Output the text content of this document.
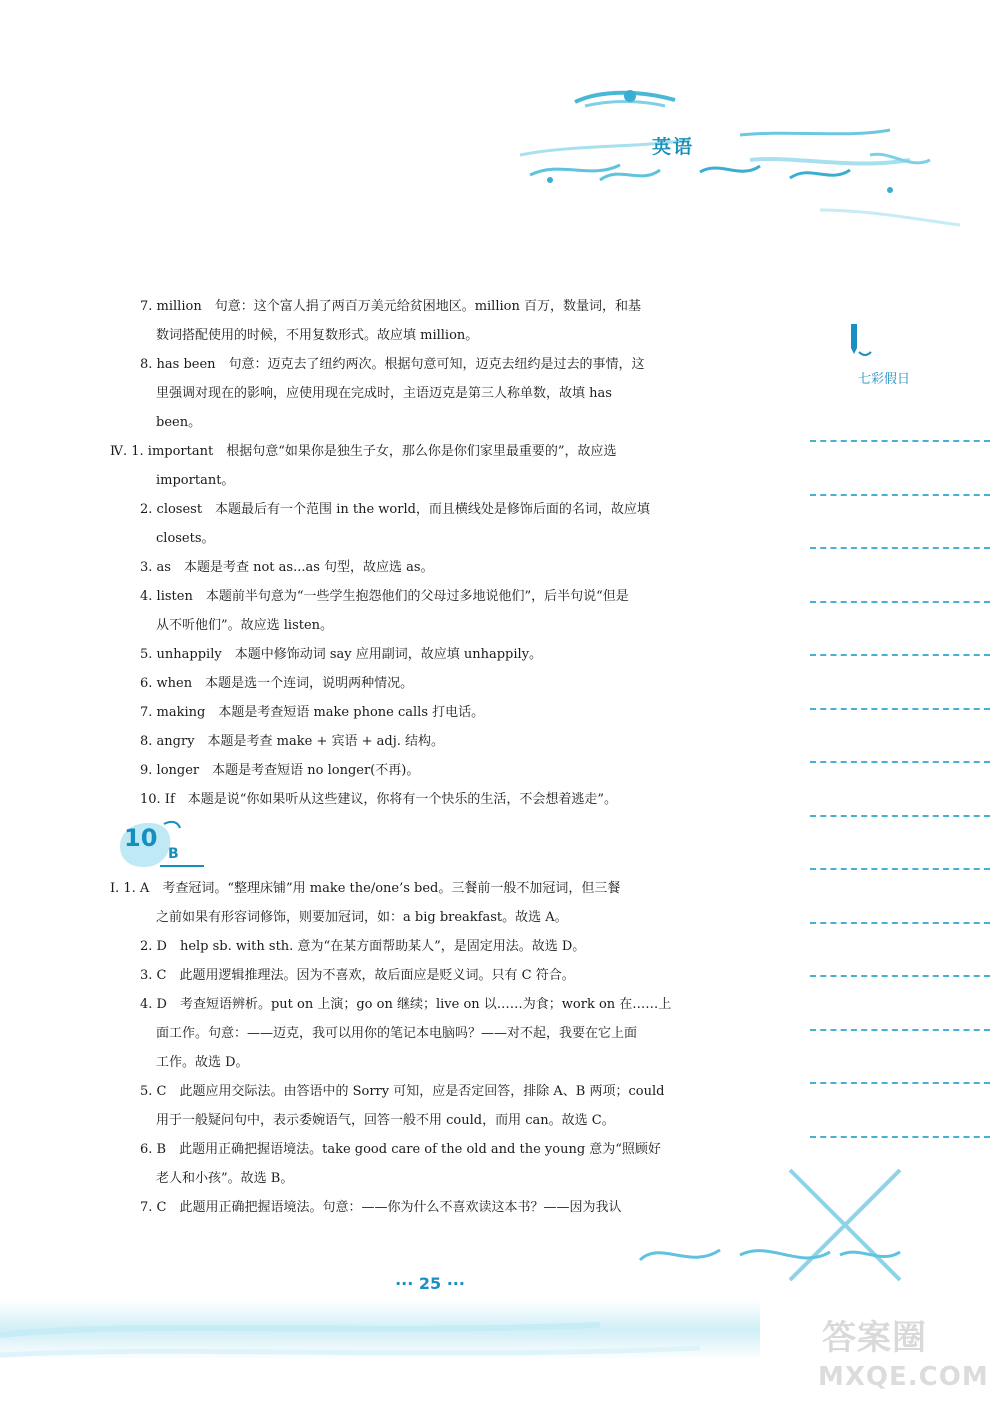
英语
七彩假日
7. million　句意：这个富人捐了两百万美元给贫困地区。million 百万，数量词，和基
数词搭配使用的时候，不用复数形式。故应填 million。
8. has been　句意：迈克去了纽约两次。根据句意可知，迈克去纽约是过去的事情，这
里强调对现在的影响，应使用现在完成时，主语迈克是第三人称单数，故填 has
been。
Ⅳ. 1. important　根据句意“如果你是独生子女，那么你是你们家里最重要的”，故应选
important。
2. closest　本题最后有一个范围 in the world，而且横线处是修饰后面的名词，故应填
closets。
3. as　本题是考查 not as...as 句型，故应选 as。
4. listen　本题前半句意为“一些学生抱怨他们的父母过多地说他们”，后半句说“但是
从不听他们”。故应选 listen。
5. unhappily　本题中修饰动词 say 应用副词，故应填 unhappily。
6. when　本题是选一个连词，说明两种情况。
7. making　本题是考查短语 make phone calls 打电话。
8. angry　本题是考查 make + 宾语 + adj. 结构。
9. longer　本题是考查短语 no longer(不再)。
10. If　本题是说“你如果听从这些建议，你将有一个快乐的生活，不会想着逃走”。
10
B
Ⅰ. 1. A　考查冠词。“整理床铺”用 make the/one’s bed。三餐前一般不加冠词，但三餐
之前如果有形容词修饰，则要加冠词，如：a big breakfast。故选 A。
2. D　help sb. with sth. 意为“在某方面帮助某人”，是固定用法。故选 D。
3. C　此题用逻辑推理法。因为不喜欢，故后面应是贬义词。只有 C 符合。
4. D　考查短语辨析。put on 上演；go on 继续；live on 以……为食；work on 在……上
面工作。句意：——迈克，我可以用你的笔记本电脑吗？——对不起，我要在它上面
工作。故选 D。
5. C　此题应用交际法。由答语中的 Sorry 可知，应是否定回答，排除 A、B 两项；could
用于一般疑问句中，表示委婉语气，回答一般不用 could，而用 can。故选 C。
6. B　此题用正确把握语境法。take good care of the old and the young 意为“照顾好
老人和小孩”。故选 B。
7. C　此题用正确把握语境法。句意：——你为什么不喜欢读这本书？——因为我认
··· 25 ···
答案圈
MXQE.COM
